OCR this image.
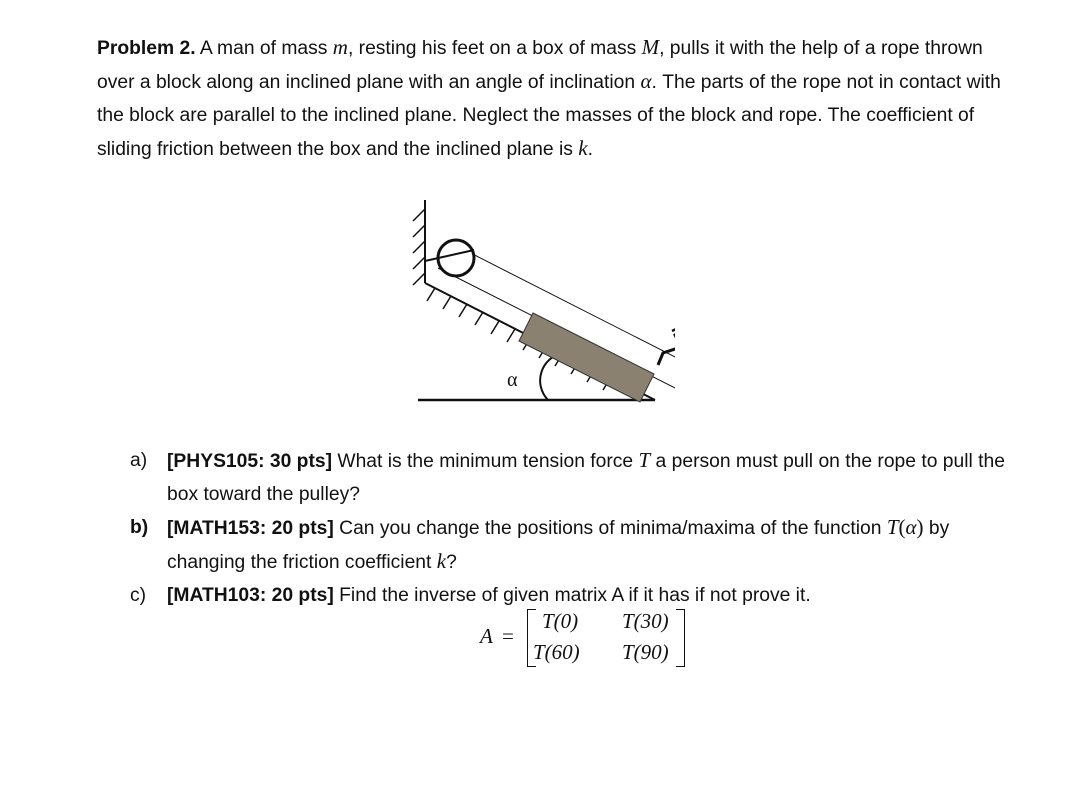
Problem 2. A man of mass m, resting his feet on a box of mass M, pulls it with the help of a rope thrown over a block along an inclined plane with an angle of inclination α. The parts of the rope not in contact with the block are parallel to the inclined plane. Neglect the masses of the block and rope. The coefficient of sliding friction between the box and the inclined plane is k.

α
a) [PHYS105: 30 pts] What is the minimum tension force T a person must pull on the rope to pull the box toward the pulley?
b) [MATH153: 20 pts] Can you change the positions of minima/maxima of the function T(α) by changing the friction coefficient k?
c) [MATH103: 20 pts] Find the inverse of given matrix A if it has if not prove it.
A =
T(0) T(30)
T(60) T(90)
